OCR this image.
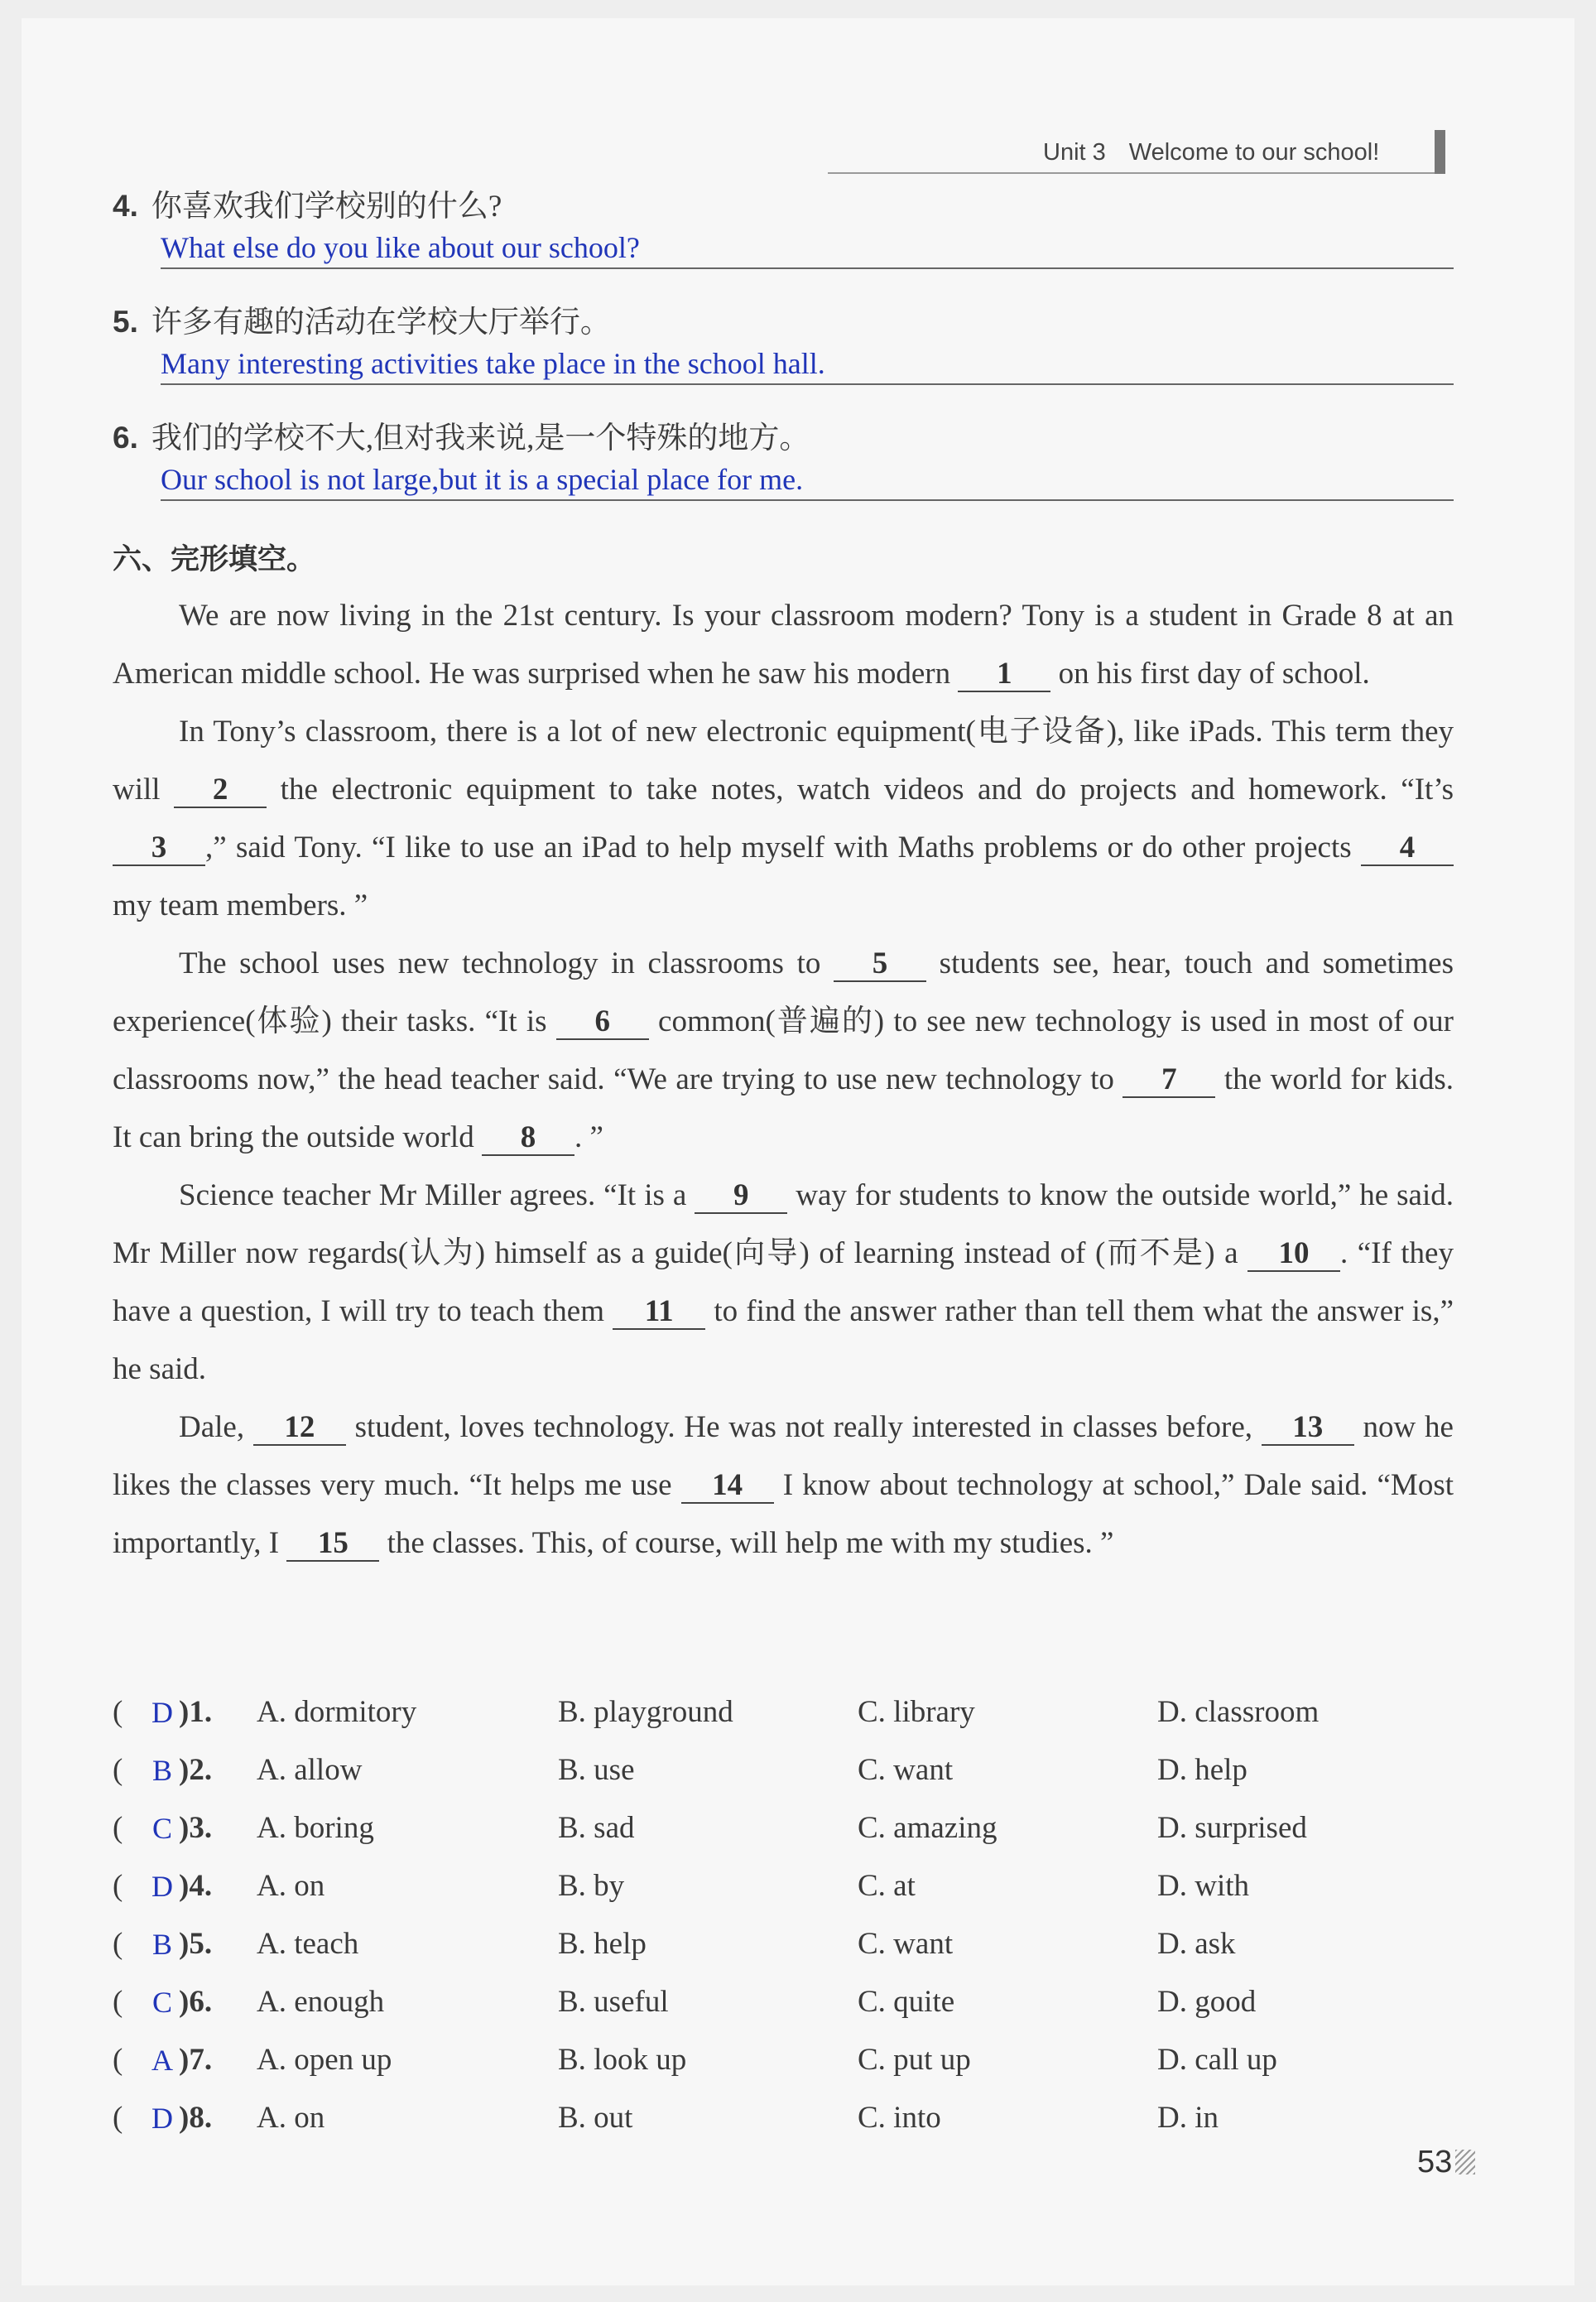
Unit 3 Welcome to our school!
4. 你喜欢我们学校别的什么?
What else do you like about our school?
5. 许多有趣的活动在学校大厅举行。
Many interesting activities take place in the school hall.
6. 我们的学校不大,但对我来说,是一个特殊的地方。
Our school is not large,but it is a special place for me.
六、完形填空。

We are now living in the 21st century. Is your classroom modern? Tony is a student in Grade 8 at an American middle school. He was surprised when he saw his modern 1 on his first day of school.

In Tony’s classroom, there is a lot of new electronic equipment(电子设备), like iPads. This term they will 2 the electronic equipment to take notes, watch videos and do projects and homework. “It’s 3 ,” said Tony. “I like to use an iPad to help myself with Maths problems or do other projects 4 my team members. ”

The school uses new technology in classrooms to 5 students see, hear, touch and sometimes experience(体验) their tasks. “It is 6 common(普遍的) to see new technology is used in most of our classrooms now,” the head teacher said. “We are trying to use new technology to 7 the world for kids. It can bring the outside world 8 . ”

Science teacher Mr Miller agrees. “It is a 9 way for students to know the outside world,” he said. Mr Miller now regards(认为) himself as a guide(向导) of learning instead of (而不是) a 10 . “If they have a question, I will try to teach them 11 to find the answer rather than tell them what the answer is,” he said.

Dale, 12 student, loves technology. He was not really interested in classes before, 13 now he likes the classes very much. “It helps me use 14 I know about technology at school,” Dale said. “Most importantly, I 15 the classes. This, of course, will help me with my studies. ”

( D )1. A. dormitory	B. playground	C. library	D. classroom
( B )2. A. allow	B. use	C. want	D. help
( C )3. A. boring	B. sad	C. amazing	D. surprised
( D )4. A. on	B. by	C. at	D. with
( B )5. A. teach	B. help	C. want	D. ask
( C )6. A. enough	B. useful	C. quite	D. good
( A )7. A. open up	B. look up	C. put up	D. call up
( D )8. A. on	B. out	C. into	D. in
53
